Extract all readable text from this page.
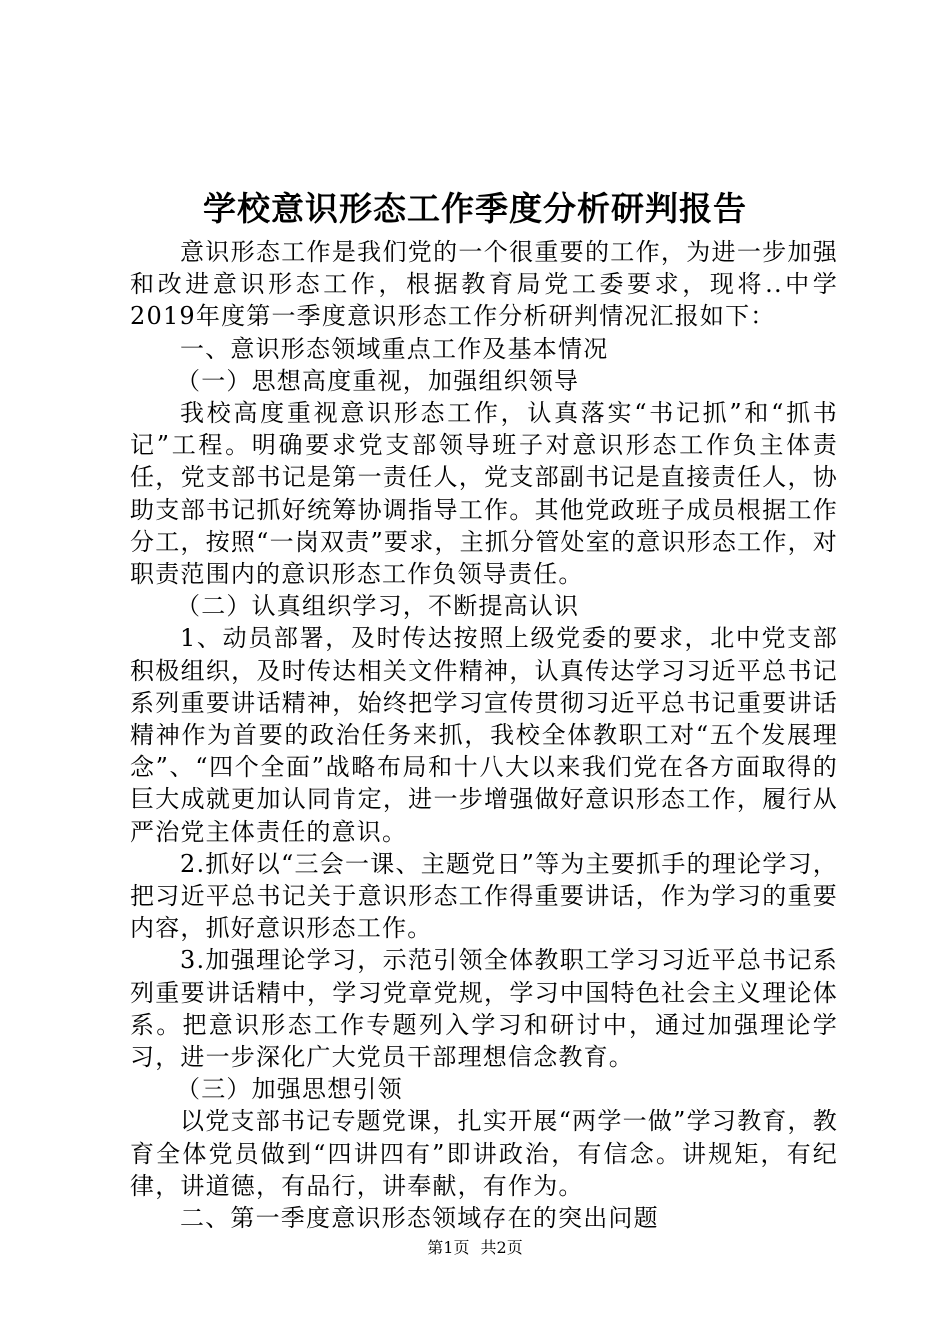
学校意识形态工作季度分析研判报告

意识形态工作是我们党的一个很重要的工作，为进一步加强和改进意识形态工作，根据教育局党工委要求，现将..中学2019年度第一季度意识形态工作分析研判情况汇报如下：

一、意识形态领域重点工作及基本情况

（一）思想高度重视，加强组织领导

我校高度重视意识形态工作，认真落实“书记抓”和“抓书记”工程。明确要求党支部领导班子对意识形态工作负主体责任，党支部书记是第一责任人，党支部副书记是直接责任人，协助支部书记抓好统筹协调指导工作。其他党政班子成员根据工作分工，按照“一岗双责”要求，主抓分管处室的意识形态工作，对职责范围内的意识形态工作负领导责任。

（二）认真组织学习，不断提高认识

1、动员部署，及时传达按照上级党委的要求，北中党支部积极组织，及时传达相关文件精神，认真传达学习习近平总书记系列重要讲话精神，始终把学习宣传贯彻习近平总书记重要讲话精神作为首要的政治任务来抓，我校全体教职工对“五个发展理念”、“四个全面”战略布局和十八大以来我们党在各方面取得的巨大成就更加认同肯定，进一步增强做好意识形态工作，履行从严治党主体责任的意识。

2.抓好以“三会一课、主题党日”等为主要抓手的理论学习，把习近平总书记关于意识形态工作得重要讲话，作为学习的重要内容，抓好意识形态工作。

3.加强理论学习，示范引领全体教职工学习习近平总书记系列重要讲话精中，学习党章党规，学习中国特色社会主义理论体系。把意识形态工作专题列入学习和研讨中，通过加强理论学习，进一步深化广大党员干部理想信念教育。

（三）加强思想引领

以党支部书记专题党课，扎实开展“两学一做”学习教育，教育全体党员做到“四讲四有”即讲政治，有信念。讲规矩，有纪律，讲道德，有品行，讲奉献，有作为。

二、第一季度意识形态领域存在的突出问题

第1页 共2页
